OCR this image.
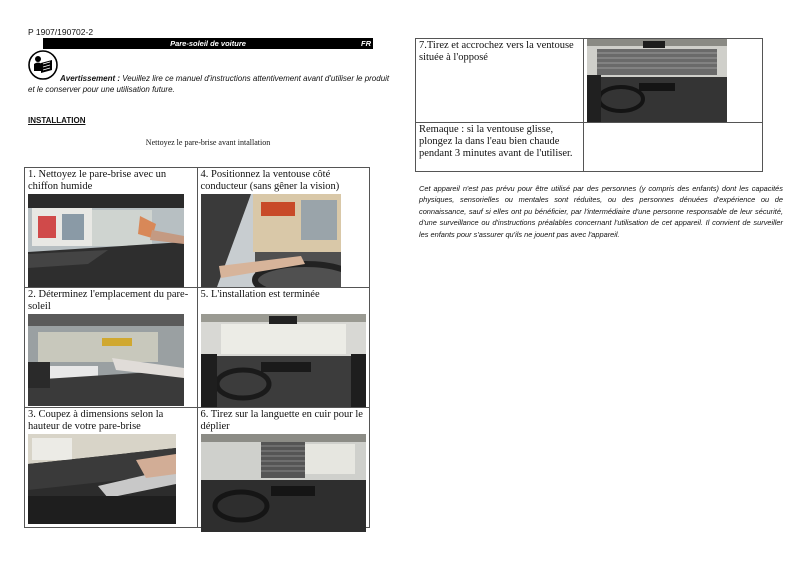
P 1907/190702-2
Pare-soleil de voiture	FR
Avertissement : Veuillez lire ce manuel d'instructions attentivement avant d'utiliser le produit et le conserver pour une utilisation future.
INSTALLATION
Nettoyez le pare-brise avant intallation
1. Nettoyez le pare-brise avec un chiffon humide	4. Positionnez la ventouse côté conducteur (sans gêner la vision)

2. Déterminez l'emplacement du pare-soleil	5. L'installation est terminée

3. Coupez à dimensions selon la hauteur de votre pare-brise	6. Tirez sur la languette en cuir pour le déplier
7.Tirez et accrochez vers la ventouse située à l'opposé

Remaque : si la ventouse glisse, plongez la dans l'eau bien chaude pendant 3 minutes avant de l'utiliser.	

Cet appareil n'est pas prévu pour être utilisé par des personnes (y compris des enfants) dont les capacités physiques, sensorielles ou mentales sont réduites, ou des personnes dénuées d'expérience ou de connaissance, sauf si elles ont pu bénéficier, par l'intermédiaire d'une personne responsable de leur sécurité, d'une surveillance ou d'instructions préalables concernant l'utilisation de cet appareil. Il convient de surveiller les enfants pour s'assurer qu'ils ne jouent pas avec l'appareil.
